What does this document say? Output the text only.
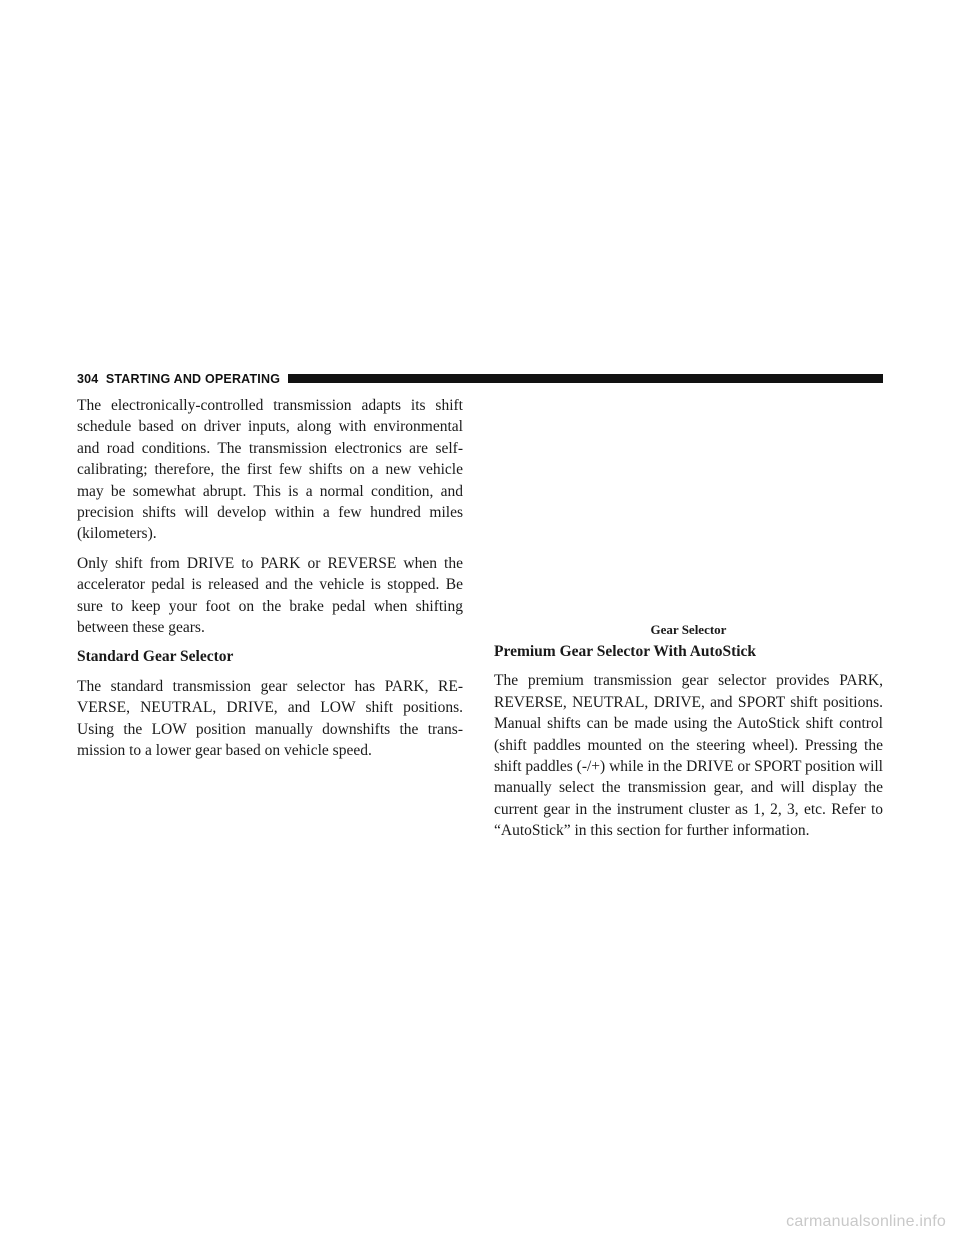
304 STARTING AND OPERATING

The electronically-controlled transmission adapts its shift schedule based on driver inputs, along with environmental and road conditions. The transmission electronics are self-calibrating; therefore, the first few shifts on a new vehicle may be somewhat abrupt. This is a normal condition, and precision shifts will develop within a few hundred miles (kilometers).

Only shift from DRIVE to PARK or REVERSE when the accelerator pedal is released and the vehicle is stopped. Be sure to keep your foot on the brake pedal when shifting between these gears.

Standard Gear Selector

The standard transmission gear selector has PARK, RE-VERSE, NEUTRAL, DRIVE, and LOW shift positions. Using the LOW position manually downshifts the trans-mission to a lower gear based on vehicle speed.

Gear Selector
Premium Gear Selector With AutoStick

The premium transmission gear selector provides PARK, REVERSE, NEUTRAL, DRIVE, and SPORT shift positions. Manual shifts can be made using the AutoStick shift control (shift paddles mounted on the steering wheel). Pressing the shift paddles (-/+) while in the DRIVE or SPORT position will manually select the transmission gear, and will display the current gear in the instrument cluster as 1, 2, 3, etc. Refer to “AutoStick” in this section for further information.

carmanualsonline.info
